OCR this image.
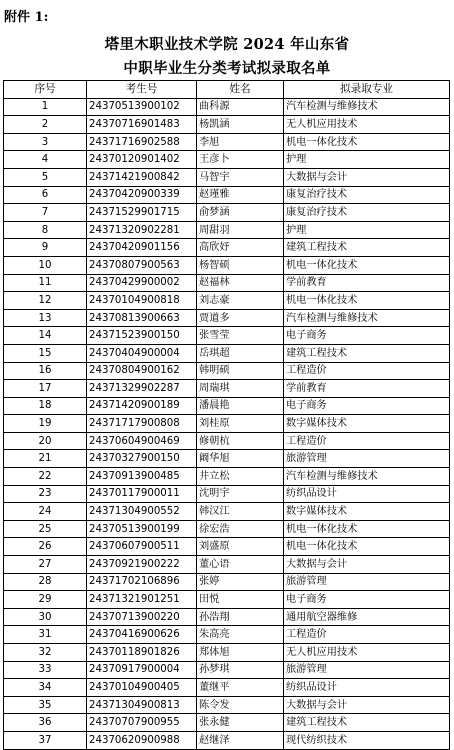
附件 1:
塔里木职业技术学院 2024 年山东省
中职毕业生分类考试拟录取名单
序号	考生号	姓名	拟录取专业
1	24370513900102	曲科源	汽车检测与维修技术
2	24370716901483	杨凯涵	无人机应用技术
3	24371716902588	李旭	机电一体化技术
4	24370120901402	王彦卜	护理
5	24371421900842	马智宇	大数据与会计
6	24370420900339	赵瑾雅	康复治疗技术
7	24371529901715	俞梦涵	康复治疗技术
8	24371320902281	周甜羽	护理
9	24370420901156	高欣妤	建筑工程技术
10	24370807900563	杨智硕	机电一体化技术
11	24370429900002	赵福林	学前教育
12	24370104900818	刘志豪	机电一体化技术
13	24370813900663	贾道多	汽车检测与维修技术
14	24371523900150	张雪莹	电子商务
15	24370404900004	岳琪超	建筑工程技术
16	24370804900162	韩明硕	工程造价
17	24371329902287	周瑞琪	学前教育
18	24371420900189	潘晨艳	电子商务
19	24371717900808	刘桂原	数字媒体技术
20	24370604900469	修朝杭	工程造价
21	24370327900150	阚华旭	旅游管理
22	24370913900485	井立松	汽车检测与维修技术
23	24370117900011	沈明宇	纺织品设计
24	24371304900552	韩汉江	数字媒体技术
25	24370513900199	徐宏浩	机电一体化技术
26	24370607900511	刘盛原	机电一体化技术
27	24370921900222	董心语	大数据与会计
28	24371702106896	张婷	旅游管理
29	24371321901251	田悦	电子商务
30	24370713900220	孙浩翔	通用航空器维修
31	24370416900626	朱高亮	工程造价
32	24370118901826	郑体旭	无人机应用技术
33	24370917900004	孙梦琪	旅游管理
34	24370104900405	董继平	纺织品设计
35	24371304900813	陈令发	大数据与会计
36	24370707900955	张永健	建筑工程技术
37	24370620900988	赵继泽	现代纺织技术
